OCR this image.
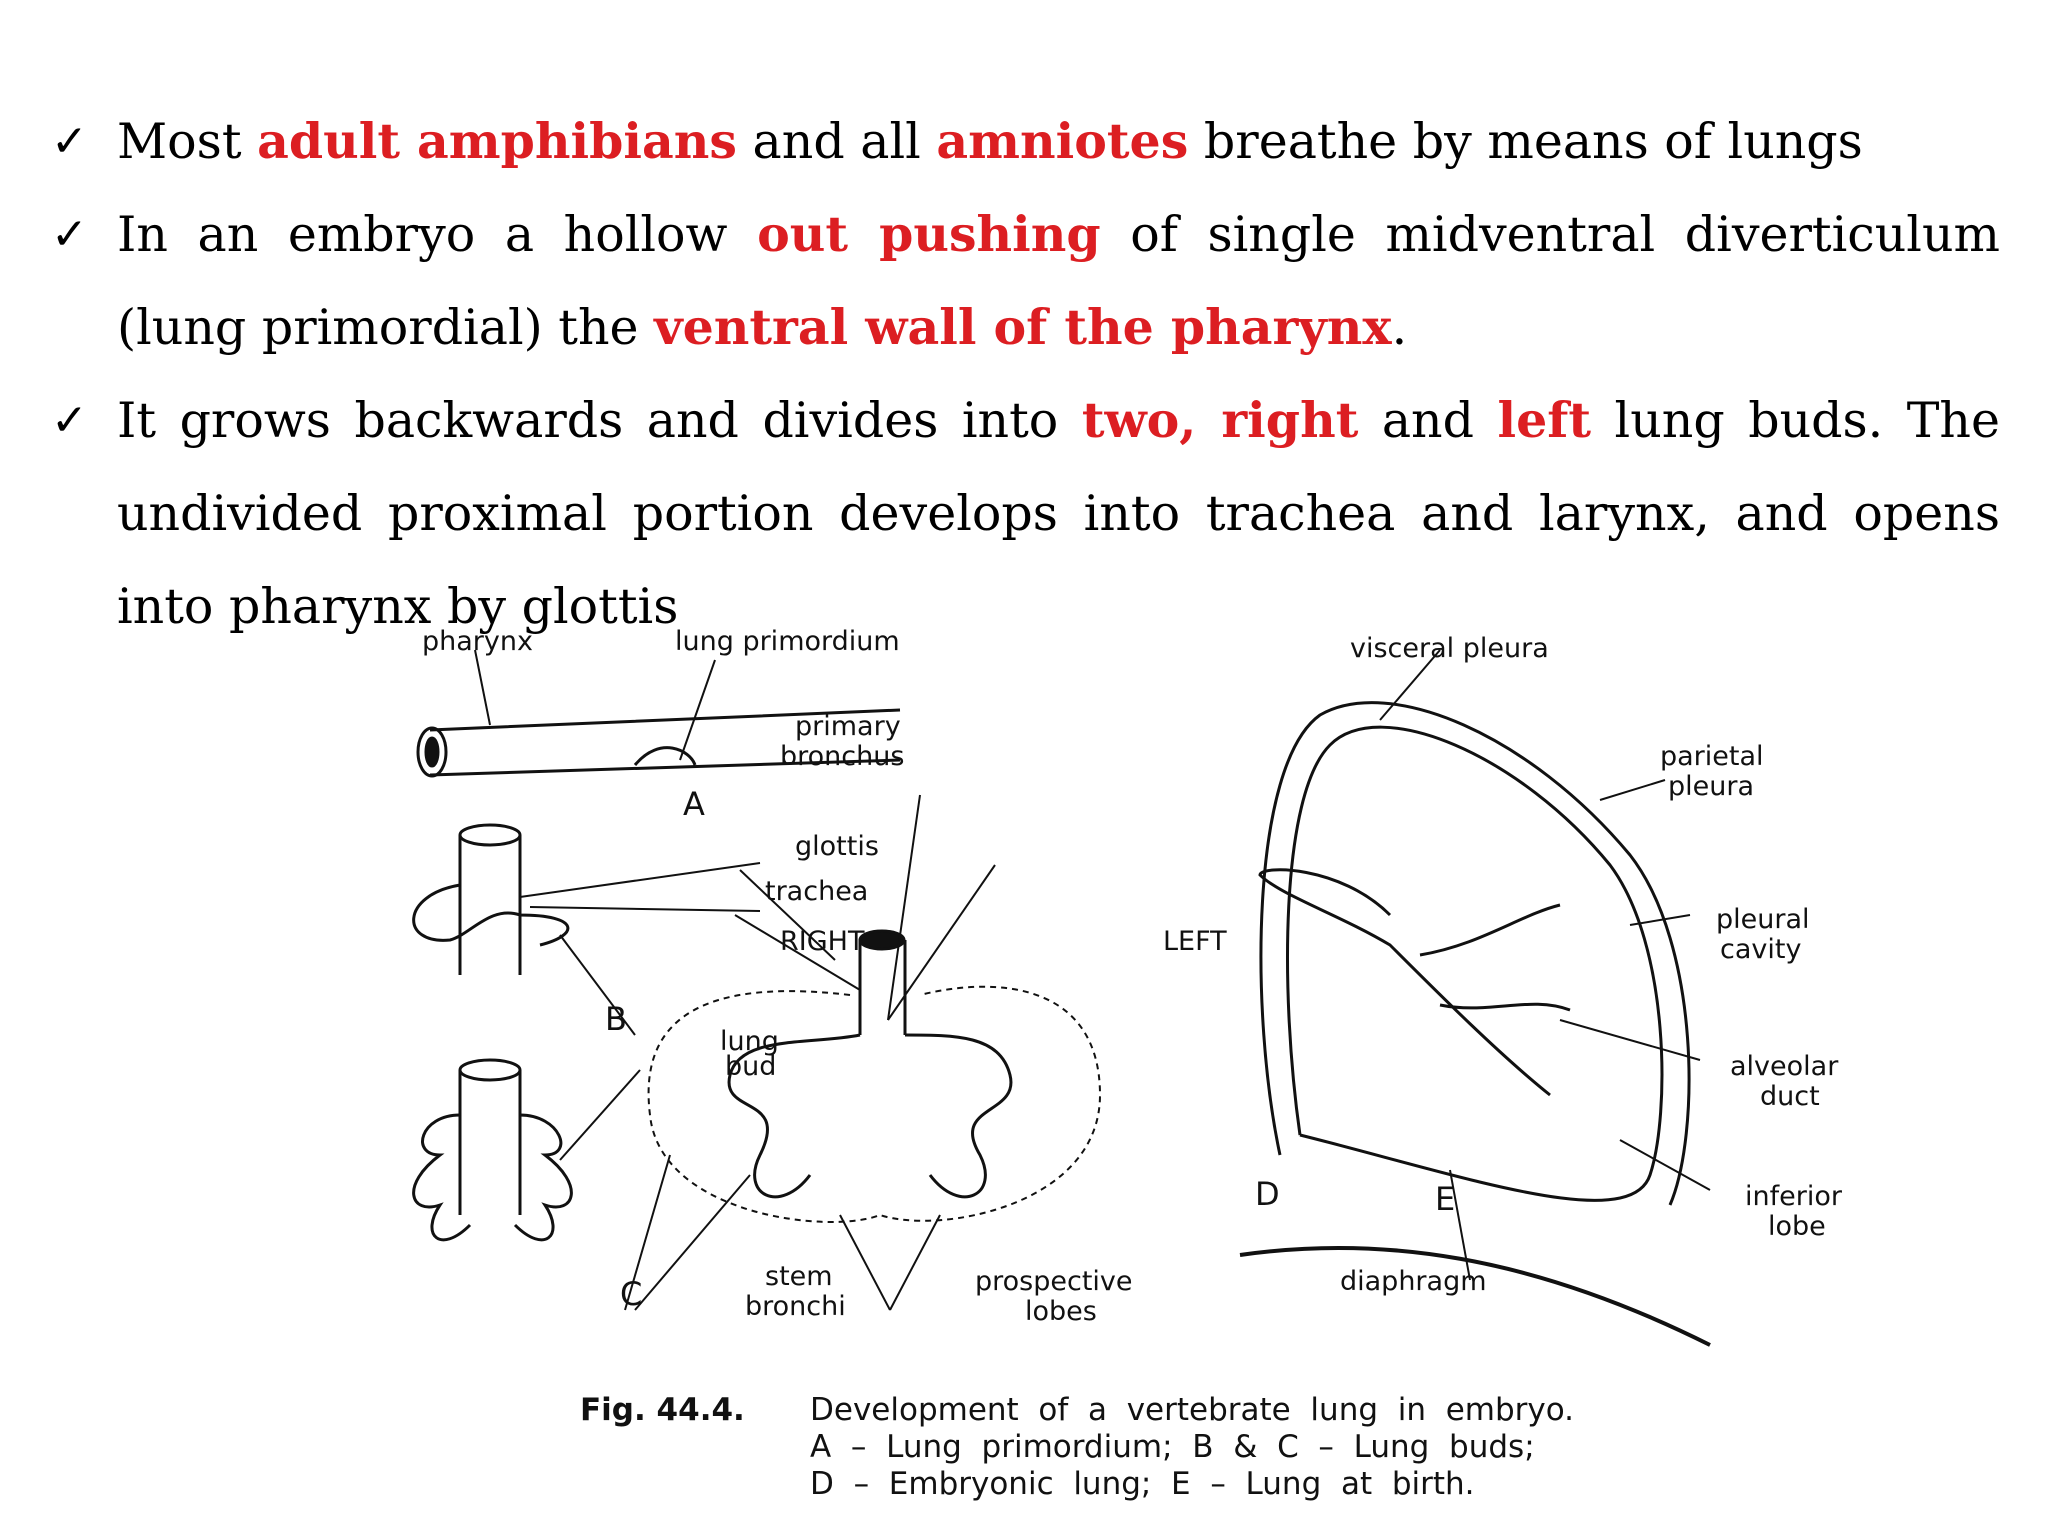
✓ Most adult amphibians and all amniotes breathe by means of lungs
✓ In an embryo a hollow out pushing of single midventral diverticulum (lung primordial) the ventral wall of the pharynx.
✓ It grows backwards and divides into two, right and left lung buds. The undivided proximal portion develops into trachea and larynx, and opens into pharynx by glottis
pharynx	lung primordium	visceral pleura
primary
bronchus	parietal
pleura
A
glottis
trachea
RIGHT	LEFT
pleural
cavity
B
lung
bud	alveolar
duct
D	E	inferior
lobe
C	stem
bronchi
prospective
lobes
diaphragm
Fig. 44.4. Development  of  a  vertebrate  lung  in  embryo.
A  –  Lung  primordium;  B  &  C  –  Lung  buds;
D  –  Embryonic  lung;  E  –  Lung  at  birth.
